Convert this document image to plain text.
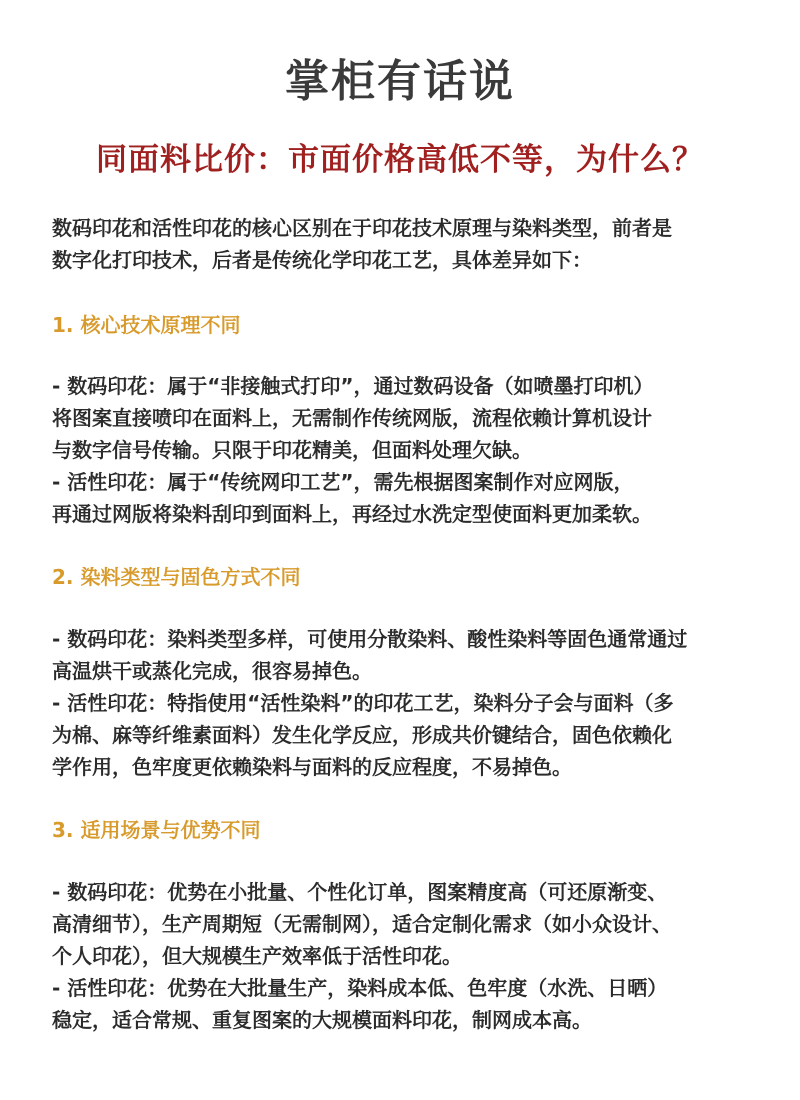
掌柜有话说
同面料比价：市面价格高低不等，为什么？
数码印花和活性印花的核心区别在于印花技术原理与染料类型，前者是
数字化打印技术，后者是传统化学印花工艺，具体差异如下：
1. 核心技术原理不同
- 数码印花：属于“非接触式打印”，通过数码设备（如喷墨打印机）
将图案直接喷印在面料上，无需制作传统网版，流程依赖计算机设计
与数字信号传输。只限于印花精美，但面料处理欠缺。
- 活性印花：属于“传统网印工艺”，需先根据图案制作对应网版，
再通过网版将染料刮印到面料上，再经过水洗定型使面料更加柔软。
2. 染料类型与固色方式不同
- 数码印花：染料类型多样，可使用分散染料、酸性染料等固色通常通过
高温烘干或蒸化完成，很容易掉色。
- 活性印花：特指使用“活性染料”的印花工艺，染料分子会与面料（多
为棉、麻等纤维素面料）发生化学反应，形成共价键结合，固色依赖化
学作用，色牢度更依赖染料与面料的反应程度，不易掉色。
3. 适用场景与优势不同
- 数码印花：优势在小批量、个性化订单，图案精度高（可还原渐变、
高清细节），生产周期短（无需制网），适合定制化需求（如小众设计、
个人印花），但大规模生产效率低于活性印花。
- 活性印花：优势在大批量生产，染料成本低、色牢度（水洗、日晒）
稳定，适合常规、重复图案的大规模面料印花，制网成本高。
